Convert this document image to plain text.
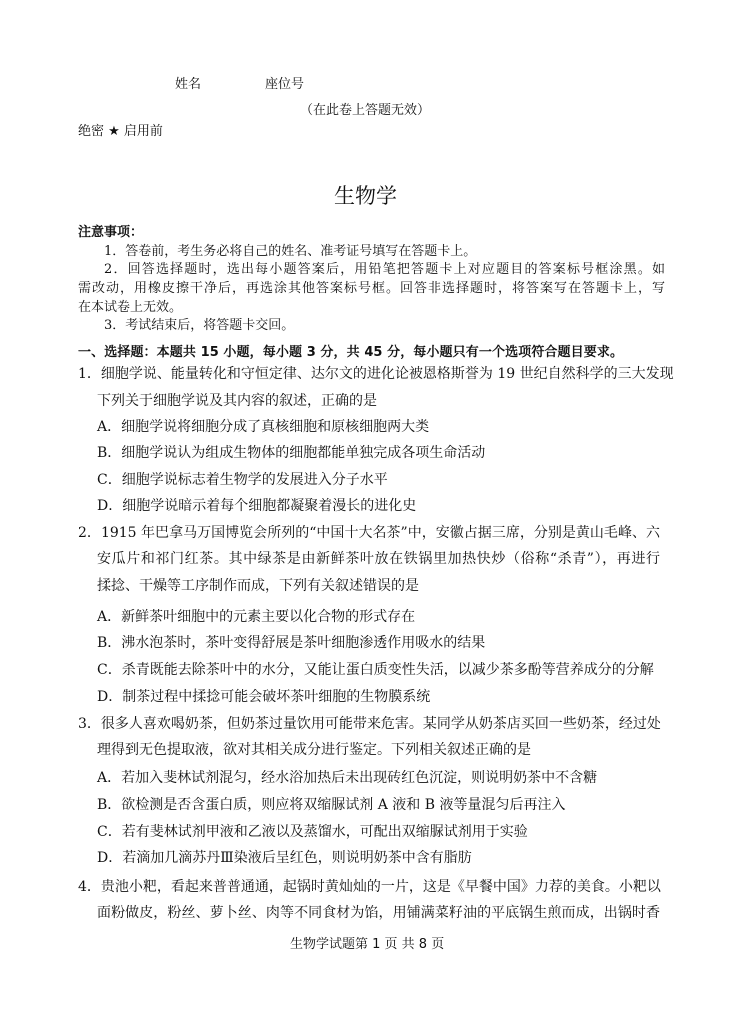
姓名	座位号
（在此卷上答题无效）
绝密 ★ 启用前
生物学
注意事项：
1．答卷前，考生务必将自己的姓名、准考证号填写在答题卡上。
2．回答选择题时，选出每小题答案后，用铅笔把答题卡上对应题目的答案标号框涂黑。如
需改动，用橡皮擦干净后，再选涂其他答案标号框。回答非选择题时，将答案写在答题卡上，写
在本试卷上无效。
3．考试结束后，将答题卡交回。
一、选择题：本题共 15 小题，每小题 3 分，共 45 分，每小题只有一个选项符合题目要求。
1．细胞学说、能量转化和守恒定律、达尔文的进化论被恩格斯誉为 19 世纪自然科学的三大发现
下列关于细胞学说及其内容的叙述，正确的是
A．细胞学说将细胞分成了真核细胞和原核细胞两大类
B．细胞学说认为组成生物体的细胞都能单独完成各项生命活动
C．细胞学说标志着生物学的发展进入分子水平
D．细胞学说暗示着每个细胞都凝聚着漫长的进化史
2．1915 年巴拿马万国博览会所列的“中国十大名茶”中，安徽占据三席，分别是黄山毛峰、六
安瓜片和祁门红茶。其中绿茶是由新鲜茶叶放在铁锅里加热快炒（俗称“杀青”），再进行
揉捻、干燥等工序制作而成，下列有关叙述错误的是
A．新鲜茶叶细胞中的元素主要以化合物的形式存在
B．沸水泡茶时，茶叶变得舒展是茶叶细胞渗透作用吸水的结果
C．杀青既能去除茶叶中的水分，又能让蛋白质变性失活，以减少茶多酚等营养成分的分解
D．制茶过程中揉捻可能会破坏茶叶细胞的生物膜系统
3．很多人喜欢喝奶茶，但奶茶过量饮用可能带来危害。某同学从奶茶店买回一些奶茶，经过处
理得到无色提取液，欲对其相关成分进行鉴定。下列相关叙述正确的是
A．若加入斐林试剂混匀，经水浴加热后未出现砖红色沉淀，则说明奶茶中不含糖
B．欲检测是否含蛋白质，则应将双缩脲试剂 A 液和 B 液等量混匀后再注入
C．若有斐林试剂甲液和乙液以及蒸馏水，可配出双缩脲试剂用于实验
D．若滴加几滴苏丹Ⅲ染液后呈红色，则说明奶茶中含有脂肪
4．贵池小粑，看起来普普通通，起锅时黄灿灿的一片，这是《早餐中国》力荐的美食。小粑以
面粉做皮，粉丝、萝卜丝、肉等不同食材为馅，用铺满菜籽油的平底锅生煎而成，出锅时香
生物学试题第 1 页 共 8 页
